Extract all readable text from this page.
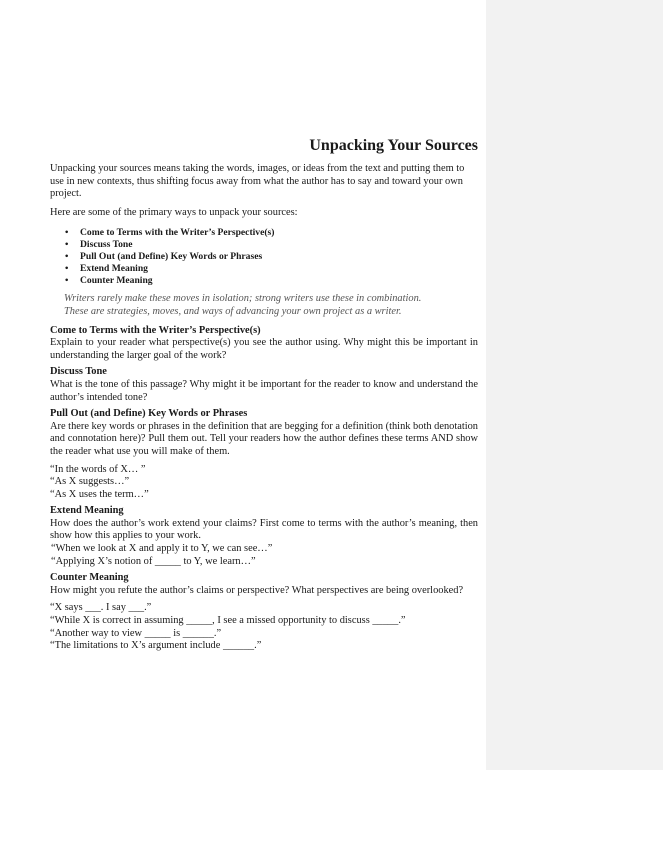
Unpacking Your Sources

Unpacking your sources means taking the words, images, or ideas from the text and putting them to use in new contexts, thus shifting focus away from what the author has to say and toward your own project.

Here are some of the primary ways to unpack your sources:

• Come to Terms with the Writer’s Perspective(s)
• Discuss Tone
• Pull Out (and Define) Key Words or Phrases
• Extend Meaning
• Counter Meaning

Writers rarely make these moves in isolation; strong writers use these in combination.
These are strategies, moves, and ways of advancing your own project as a writer.

Come to Terms with the Writer’s Perspective(s)

Explain to your reader what perspective(s) you see the author using. Why might this be important in understanding the larger goal of the work?

Discuss Tone

What is the tone of this passage? Why might it be important for the reader to know and understand the author’s intended tone?

Pull Out (and Define) Key Words or Phrases

Are there key words or phrases in the definition that are begging for a definition (think both denotation and connotation here)? Pull them out. Tell your readers how the author defines these terms AND show the reader what use you will make of them.

“In the words of X… ”
“As X suggests…”
“As X uses the term…”

Extend Meaning

How does the author’s work extend your claims? First come to terms with the author’s meaning, then show how this applies to your work.

“When we look at X and apply it to Y, we can see…”
“Applying X’s notion of _____ to Y, we learn…”

Counter Meaning

How might you refute the author’s claims or perspective? What perspectives are being overlooked?

“X says ___. I say ___.”
“While X is correct in assuming _____, I see a missed opportunity to discuss _____.”
“Another way to view _____ is ______.”
“The limitations to X’s argument include ______.”
